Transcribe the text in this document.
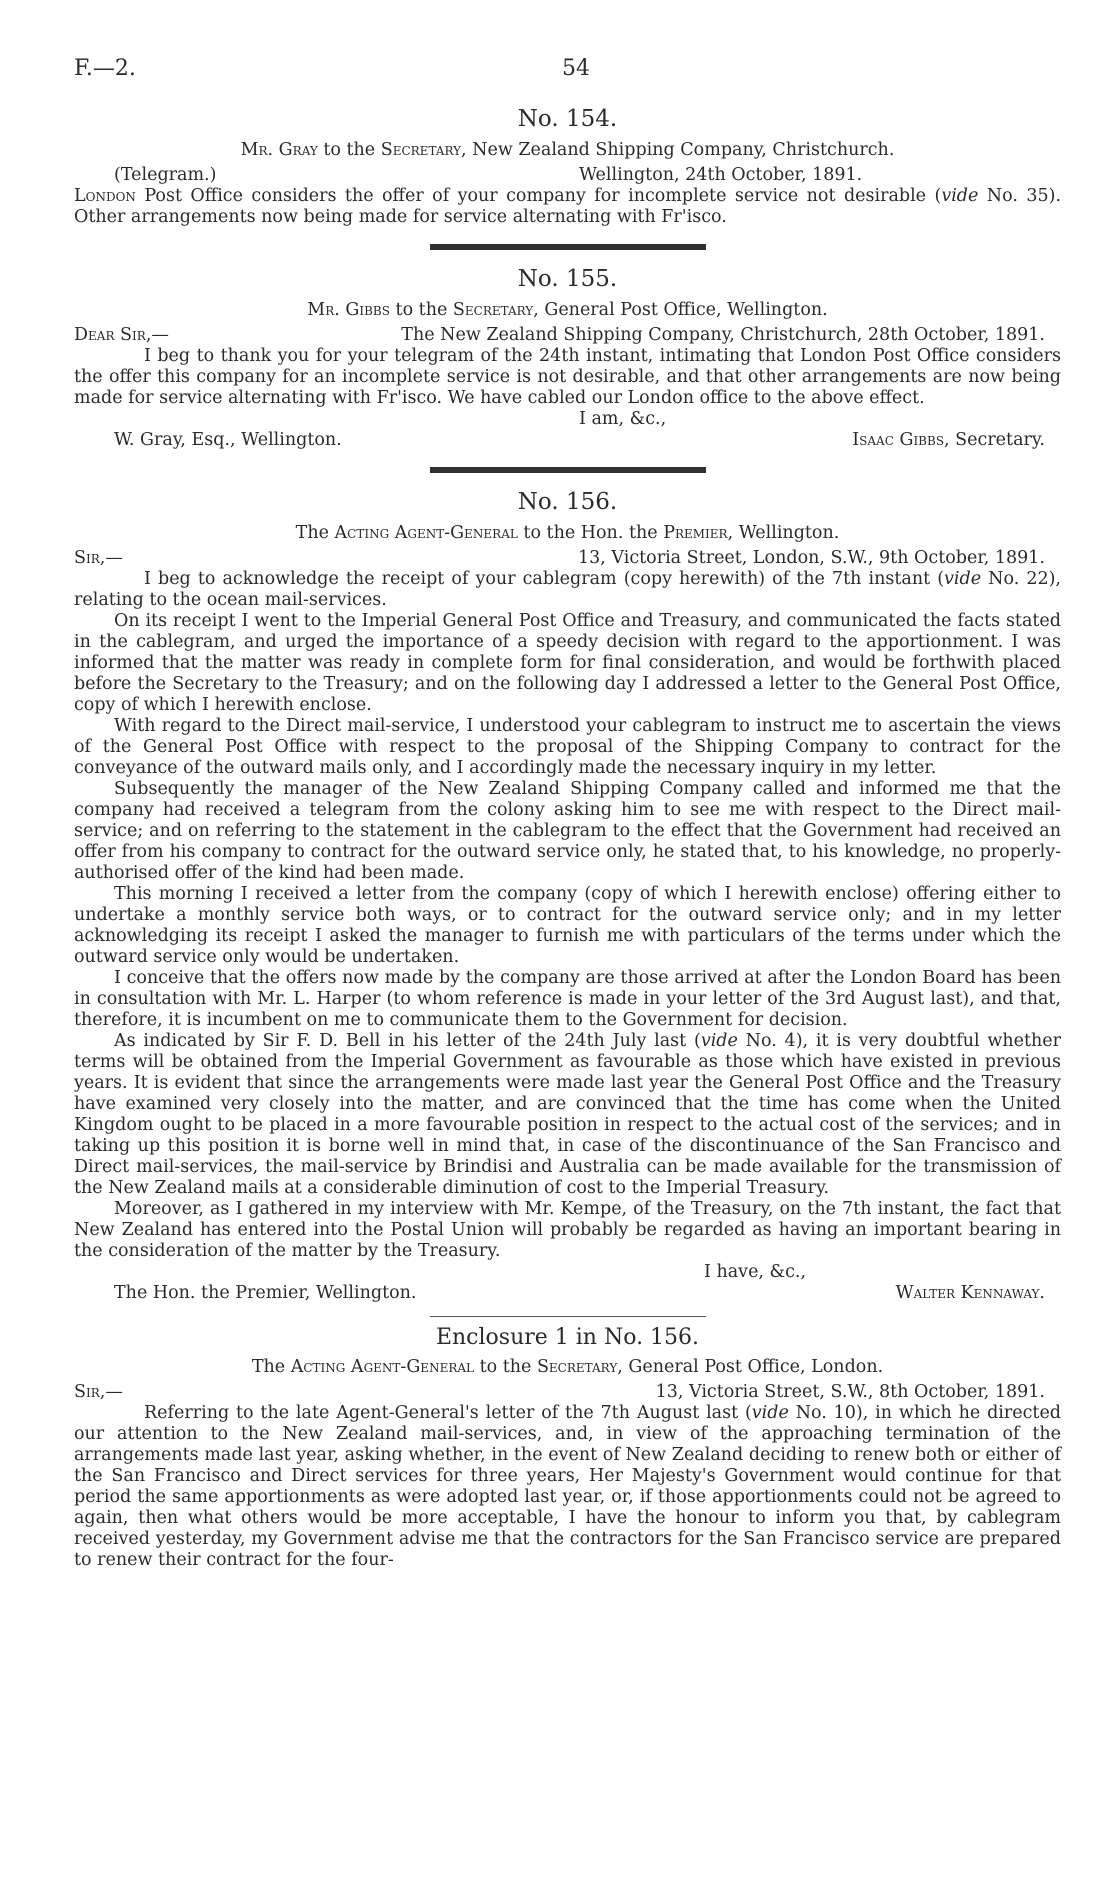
F.—2.	54
No. 154.
Mr. Gray to the Secretary, New Zealand Shipping Company, Christchurch.
(Telegram.)	Wellington, 24th October, 1891.

London Post Office considers the offer of your company for incomplete service not desirable (vide No. 35). Other arrangements now being made for service alternating with Fr'isco.

No. 155.
Mr. Gibbs to the Secretary, General Post Office, Wellington.
Dear Sir,—	The New Zealand Shipping Company, Christchurch, 28th October, 1891.

I beg to thank you for your telegram of the 24th instant, intimating that London Post Office considers the offer this company for an incomplete service is not desirable, and that other arrangements are now being made for service alternating with Fr'isco. We have cabled our London office to the above effect.

I am, &c.,
W. Gray, Esq., Wellington.	Isaac Gibbs, Secretary.
No. 156.
The Acting Agent-General to the Hon. the Premier, Wellington.
Sir,—	13, Victoria Street, London, S.W., 9th October, 1891.

I beg to acknowledge the receipt of your cablegram (copy herewith) of the 7th instant (vide No. 22), relating to the ocean mail-services.

On its receipt I went to the Imperial General Post Office and Treasury, and communicated the facts stated in the cablegram, and urged the importance of a speedy decision with regard to the apportionment. I was informed that the matter was ready in complete form for final consideration, and would be forthwith placed before the Secretary to the Treasury; and on the following day I addressed a letter to the General Post Office, copy of which I herewith enclose.

With regard to the Direct mail-service, I understood your cablegram to instruct me to ascertain the views of the General Post Office with respect to the proposal of the Shipping Company to contract for the conveyance of the outward mails only, and I accordingly made the necessary inquiry in my letter.

Subsequently the manager of the New Zealand Shipping Company called and informed me that the company had received a telegram from the colony asking him to see me with respect to the Direct mail-service; and on referring to the statement in the cablegram to the effect that the Government had received an offer from his company to contract for the outward service only, he stated that, to his knowledge, no properly-authorised offer of the kind had been made.

This morning I received a letter from the company (copy of which I herewith enclose) offering either to undertake a monthly service both ways, or to contract for the outward service only; and in my letter acknowledging its receipt I asked the manager to furnish me with particulars of the terms under which the outward service only would be undertaken.

I conceive that the offers now made by the company are those arrived at after the London Board has been in consultation with Mr. L. Harper (to whom reference is made in your letter of the 3rd August last), and that, therefore, it is incumbent on me to communicate them to the Government for decision.

As indicated by Sir F. D. Bell in his letter of the 24th July last (vide No. 4), it is very doubtful whether terms will be obtained from the Imperial Government as favourable as those which have existed in previous years. It is evident that since the arrangements were made last year the General Post Office and the Treasury have examined very closely into the matter, and are convinced that the time has come when the United Kingdom ought to be placed in a more favourable position in respect to the actual cost of the services; and in taking up this position it is borne well in mind that, in case of the discontinuance of the San Francisco and Direct mail-services, the mail-service by Brindisi and Australia can be made available for the transmission of the New Zealand mails at a considerable diminution of cost to the Imperial Treasury.

Moreover, as I gathered in my interview with Mr. Kempe, of the Treasury, on the 7th instant, the fact that New Zealand has entered into the Postal Union will probably be regarded as having an important bearing in the consideration of the matter by the Treasury.

I have, &c.,
The Hon. the Premier, Wellington.	Walter Kennaway.
Enclosure 1 in No. 156.
The Acting Agent-General to the Secretary, General Post Office, London.
Sir,—	13, Victoria Street, S.W., 8th October, 1891.

Referring to the late Agent-General's letter of the 7th August last (vide No. 10), in which he directed our attention to the New Zealand mail-services, and, in view of the approaching termination of the arrangements made last year, asking whether, in the event of New Zealand deciding to renew both or either of the San Francisco and Direct services for three years, Her Majesty's Government would continue for that period the same apportionments as were adopted last year, or, if those apportionments could not be agreed to again, then what others would be more acceptable, I have the honour to inform you that, by cablegram received yesterday, my Government advise me that the contractors for the San Francisco service are prepared to renew their contract for the four-
